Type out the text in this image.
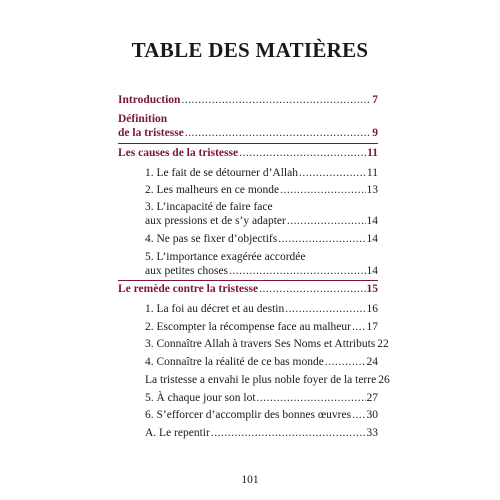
TABLE DES MATIÈRES
Introduction .....	7
Définition
de la tristesse .....	9
Les causes de la tristesse .....	11
1. Le fait de se détourner d’Allah .....	11
2. Les malheurs en ce monde .....	13
3. L’incapacité de faire face
aux pressions et de s’y adapter .....	14
4. Ne pas se fixer d’objectifs .....	14
5. L’importance exagérée accordée
aux petites choses .....	14
Le remède contre la tristesse .....	15
1. La foi au décret et au destin .....	16
2. Escompter la récompense face au malheur ..... 17
3. Connaître Allah à travers Ses Noms et Attributs 22
4. Connaître la réalité de ce bas monde .....	24
La tristesse a envahi le plus noble foyer de la terre 26
5. À chaque jour son lot .....	27
6. S’efforcer d’accomplir des bonnes œuvres ..... 30
A. Le repentir .....	33
101
